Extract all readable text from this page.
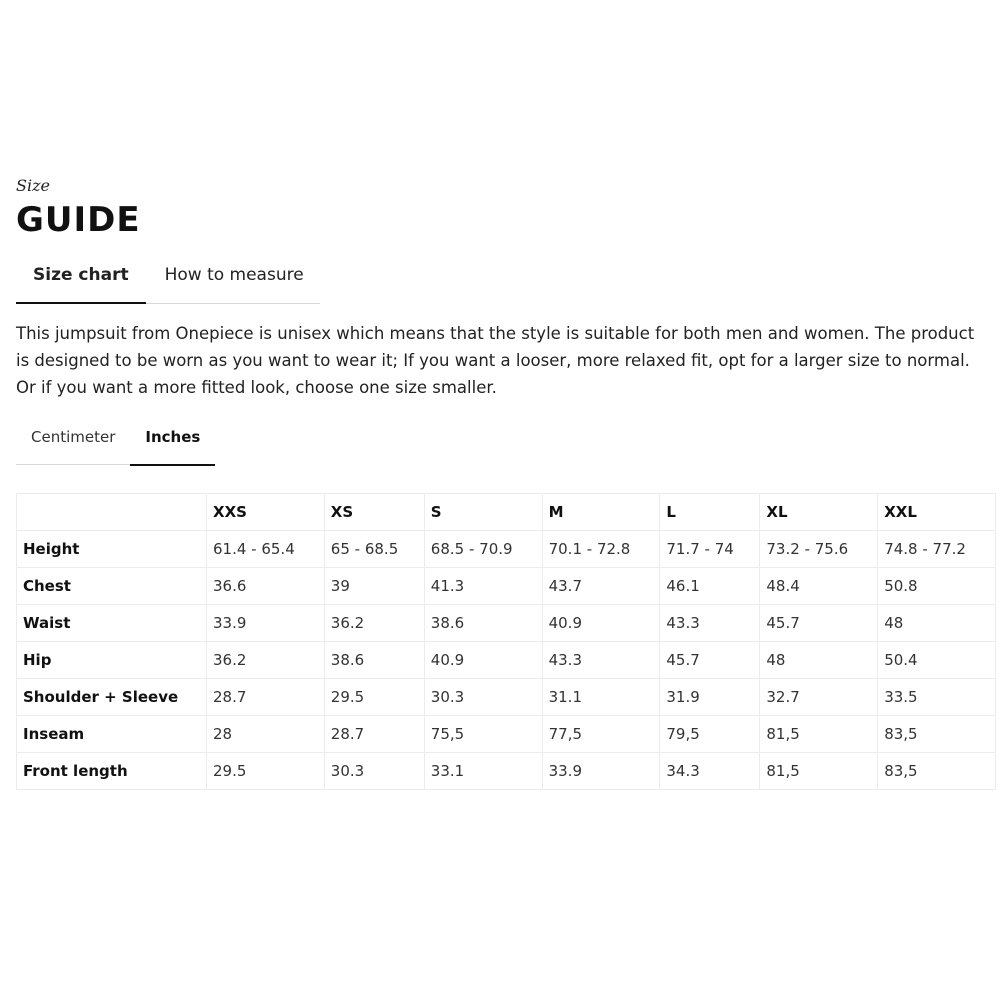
Size

GUIDE
Size chart	How to measure
This jumpsuit from Onepiece is unisex which means that the style is suitable for both men and women. The product is designed to be worn as you want to wear it; If you want a looser, more relaxed fit, opt for a larger size to normal. Or if you want a more fitted look, choose one size smaller.
Centimeter	Inches
	XXS	XS	S	M	L	XL	XXL
Height	61.4 - 65.4	65 - 68.5	68.5 - 70.9	70.1 - 72.8	71.7 - 74	73.2 - 75.6	74.8 - 77.2
Chest	36.6	39	41.3	43.7	46.1	48.4	50.8
Waist	33.9	36.2	38.6	40.9	43.3	45.7	48
Hip	36.2	38.6	40.9	43.3	45.7	48	50.4
Shoulder + Sleeve	28.7	29.5	30.3	31.1	31.9	32.7	33.5
Inseam	28	28.7	75,5	77,5	79,5	81,5	83,5
Front length	29.5	30.3	33.1	33.9	34.3	81,5	83,5
